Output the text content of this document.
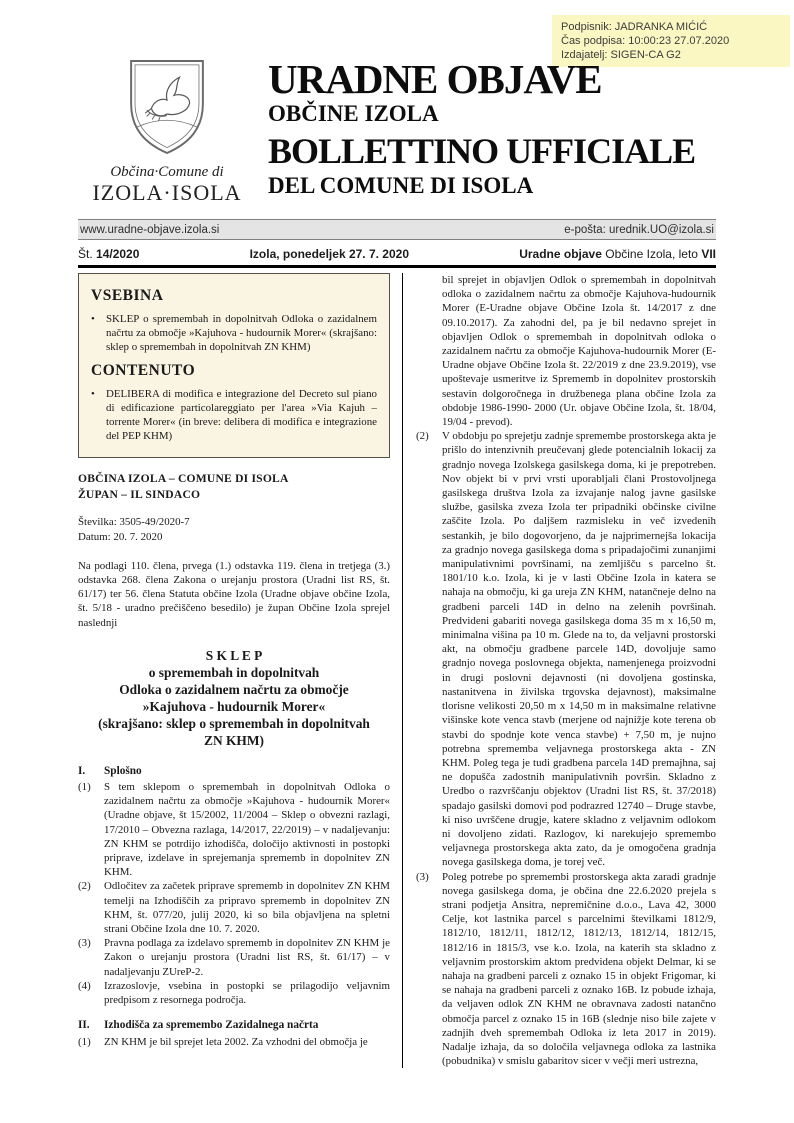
Podpisnik: JADRANKA MIĆIĆ
Čas podpisa: 10:00:23 27.07.2020
Izdajatelj: SIGEN-CA G2
Občina·Comune di
IZOLA·ISOLA
URADNE OBJAVE
OBČINE IZOLA
BOLLETTINO UFFICIALE
DEL COMUNE DI ISOLA
www.uradne-objave.izola.si	e-pošta: urednik.UO@izola.si
Št. 14/2020	Izola, ponedeljek 27. 7. 2020	Uradne objave Občine Izola, leto VII
VSEBINA
•	SKLEP o spremembah in dopolnitvah Odloka o zazidalnem načrtu za območje »Kajuhova - hudournik Morer« (skrajšano: sklep o spremembah in dopolnitvah ZN KHM)
CONTENUTO
•	DELIBERA di modifica e integrazione del Decreto sul piano di edificazione particolareggiato per l'area »Via Kajuh – torrente Morer« (in breve: delibera di modifica e integrazione del PEP KHM)
OBČINA IZOLA – COMUNE DI ISOLA
ŽUPAN – IL SINDACO
Številka: 3505-49/2020-7
Datum: 20. 7. 2020
Na podlagi 110. člena, prvega (1.) odstavka 119. člena in tretjega (3.) odstavka 268. člena Zakona o urejanju prostora (Uradni list RS, št. 61/17) ter 56. člena Statuta občine Izola (Uradne objave občine Izola, št. 5/18 - uradno prečiščeno besedilo) je župan Občine Izola sprejel naslednji
S K L E P
o spremembah in dopolnitvah
Odloka o zazidalnem načrtu za območje
»Kajuhova - hudournik Morer«
(skrajšano: sklep o spremembah in dopolnitvah
ZN KHM)
I.	Splošno
(1)	S tem sklepom o spremembah in dopolnitvah Odloka o zazidalnem načrtu za območje »Kajuhova - hudournik Morer« (Uradne objave, št 15/2002, 11/2004 – Sklep o obvezni razlagi, 17/2010 – Obvezna razlaga, 14/2017, 22/2019) – v nadaljevanju: ZN KHM se potrdijo izhodišča, določijo aktivnosti in postopki priprave, izdelave in sprejemanja sprememb in dopolnitev ZN KHM.
(2)	Odločitev za začetek priprave sprememb in dopolnitev ZN KHM temelji na Izhodiščih za pripravo sprememb in dopolnitev ZN KHM, št. 077/20, julij 2020, ki so bila objavljena na spletni strani Občine Izola dne 10. 7. 2020.
(3)	Pravna podlaga za izdelavo sprememb in dopolnitev ZN KHM je Zakon o urejanju prostora (Uradni list RS, št. 61/17) – v nadaljevanju ZUreP-2.
(4)	Izrazoslovje, vsebina in postopki se prilagodijo veljavnim predpisom z resornega področja.
II.	Izhodišča za spremembo Zazidalnega načrta
(1)	ZN KHM je bil sprejet leta 2002. Za vzhodni del območja je
bil sprejet in objavljen Odlok o spremembah in dopolnitvah odloka o zazidalnem načrtu za območje Kajuhova-hudournik Morer (E-Uradne objave Občine Izola št. 14/2017 z dne 09.10.2017). Za zahodni del, pa je bil nedavno sprejet in objavljen Odlok o spremembah in dopolnitvah odloka o zazidalnem načrtu za območje Kajuhova-hudournik Morer (E-Uradne objave Občine Izola št. 22/2019 z dne 23.9.2019), vse upoštevaje usmeritve iz Sprememb in dopolnitev prostorskih sestavin dolgoročnega in družbenega plana občine Izola za obdobje 1986-1990- 2000 (Ur. objave Občine Izola, št. 18/04, 19/04 - prevod).
(2)	V obdobju po sprejetju zadnje spremembe prostorskega akta je prišlo do intenzivnih preučevanj glede potencialnih lokacij za gradnjo novega Izolskega gasilskega doma, ki je prepotreben. Nov objekt bi v prvi vrsti uporabljali člani Prostovoljnega gasilskega društva Izola za izvajanje nalog javne gasilske službe, gasilska zveza Izola ter pripadniki občinske civilne zaščite Izola. Po daljšem razmisleku in več izvedenih sestankih, je bilo dogovorjeno, da je najprimernejša lokacija za gradnjo novega gasilskega doma s pripadajočimi zunanjimi manipulativnimi površinami, na zemljišču s parcelno št. 1801/10 k.o. Izola, ki je v lasti Občine Izola in katera se nahaja na območju, ki ga ureja ZN KHM, natančneje delno na gradbeni parceli 14D in delno na zelenih površinah. Predvideni gabariti novega gasilskega doma 35 m x 16,50 m, minimalna višina pa 10 m. Glede na to, da veljavni prostorski akt, na območju gradbene parcele 14D, dovoljuje samo gradnjo novega poslovnega objekta, namenjenega proizvodni in drugi poslovni dejavnosti (ni dovoljena gostinska, nastanitvena in živilska trgovska dejavnost), maksimalne tlorisne velikosti 20,50 m x 14,50 m in maksimalne relativne višinske kote venca stavb (merjene od najnižje kote terena ob stavbi do spodnje kote venca stavbe) + 7,50 m, je nujno potrebna sprememba veljavnega prostorskega akta - ZN KHM. Poleg tega je tudi gradbena parcela 14D premajhna, saj ne dopušča zadostnih manipulativnih površin. Skladno z Uredbo o razvrščanju objektov (Uradni list RS, št. 37/2018) spadajo gasilski domovi pod podrazred 12740 – Druge stavbe, ki niso uvrščene drugje, katere skladno z veljavnim odlokom ni dovoljeno zidati. Razlogov, ki narekujejo spremembo veljavnega prostorskega akta zato, da je omogočena gradnja novega gasilskega doma, je torej več.
(3)	Poleg potrebe po spremembi prostorskega akta zaradi gradnje novega gasilskega doma, je občina dne 22.6.2020 prejela s strani podjetja Ansitra, nepremičnine d.o.o., Lava 42, 3000 Celje, kot lastnika parcel s parcelnimi številkami 1812/9, 1812/10, 1812/11, 1812/12, 1812/13, 1812/14, 1812/15, 1812/16 in 1815/3, vse k.o. Izola, na katerih sta skladno z veljavnim prostorskim aktom predvidena objekt Delmar, ki se nahaja na gradbeni parceli z oznako 15 in objekt Frigomar, ki se nahaja na gradbeni parceli z oznako 16B. Iz pobude izhaja, da veljaven odlok ZN KHM ne obravnava zadosti natančno območja parcel z oznako 15 in 16B (slednje niso bile zajete v zadnjih dveh spremembah Odloka iz leta 2017 in 2019). Nadalje izhaja, da so določila veljavnega odloka za lastnika (pobudnika) v smislu gabaritov sicer v večji meri ustrezna,
